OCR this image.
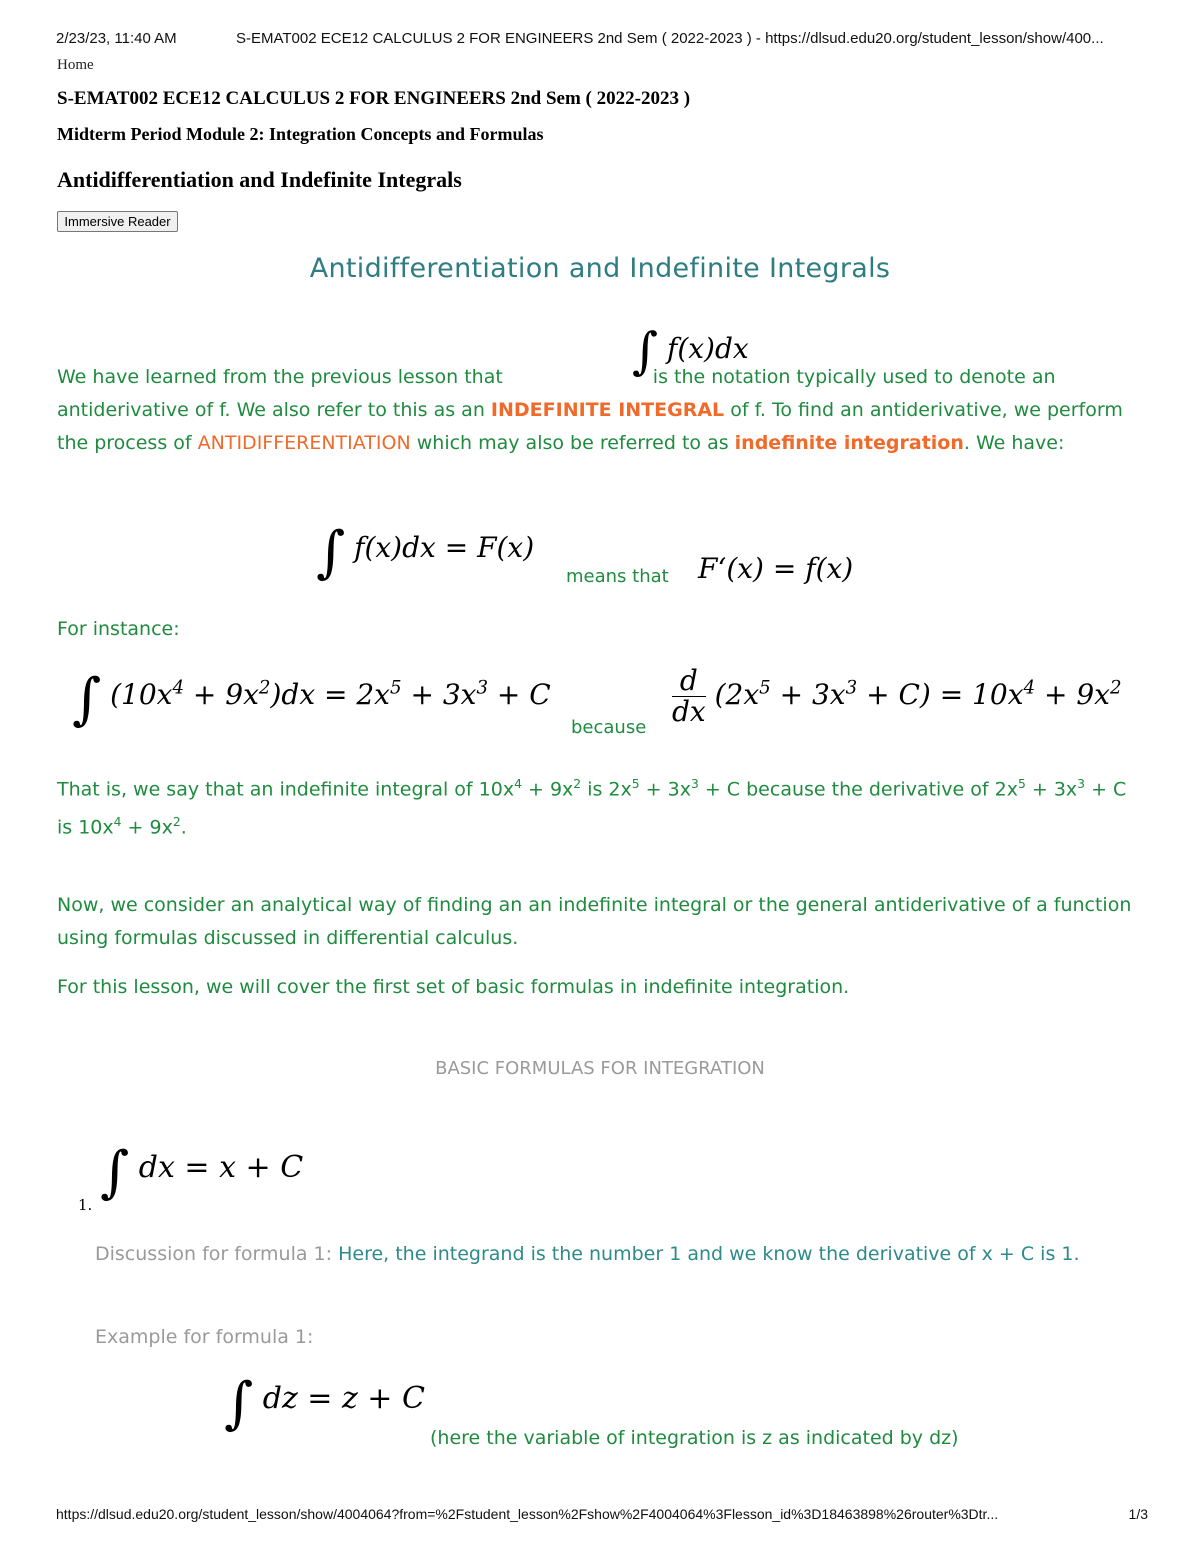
2/23/23, 11:40 AM	S-EMAT002 ECE12 CALCULUS 2 FOR ENGINEERS 2nd Sem ( 2022-2023 ) - https://dlsud.edu20.org/student_lesson/show/400...
Home
S-EMAT002 ECE12 CALCULUS 2 FOR ENGINEERS 2nd Sem ( 2022-2023 )
Midterm Period Module 2: Integration Concepts and Formulas
Antidifferentiation and Indefinite Integrals
Immersive Reader
Antidifferentiation and Indefinite Integrals
∫ f(x)dx
We have learned from the previous lesson that	is the notation typically used to denote an antiderivative of f. We also refer to this as an INDEFINITE INTEGRAL of f. To find an antiderivative, we perform the process of ANTIDIFFERENTIATION which may also be referred to as indefinite integration. We have:
∫ f(x)dx = F(x)
means that F‘(x) = f(x)
For instance:
∫ $(10x^4 + 9x^2)dx = 2x^5 + 3x^3 + C$
because
$\frac{d}{dx} (2x^5 + 3x^3 + C) = 10x^4 + 9x^2$
That is, we say that an indefinite integral of $10x^4 + 9x^2$ is $2x^5 + 3x^3 + C$ because the derivative of $2x^5 + 3x^3 + C$ is $10x^4 + 9x^2$.
Now, we consider an analytical way of finding an an indefinite integral or the general antiderivative of a function using formulas discussed in differential calculus.
For this lesson, we will cover the first set of basic formulas in indefinite integration.
BASIC FORMULAS FOR INTEGRATION
1. ∫ dx = x + C
Discussion for formula 1: Here, the integrand is the number 1 and we know the derivative of x + C is 1.
Example for formula 1:
∫ dz = z + C
(here the variable of integration is z as indicated by dz)
https://dlsud.edu20.org/student_lesson/show/4004064?from=%2Fstudent_lesson%2Fshow%2F4004064%3Flesson_id%3D18463898%26router%3Dtr...	1/3
